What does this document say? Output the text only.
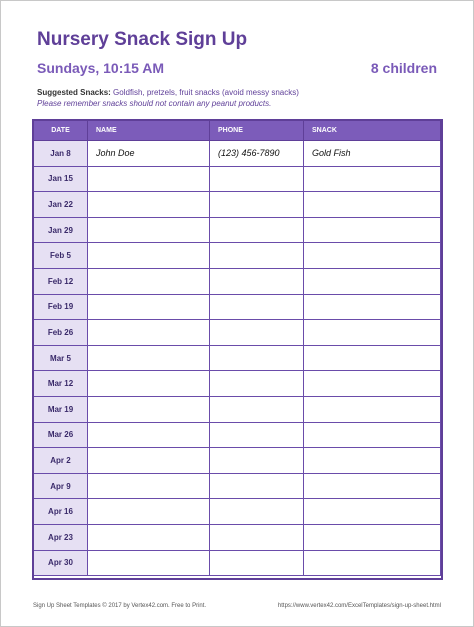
Nursery Snack Sign Up
Sundays, 10:15 AM	8 children
Suggested Snacks: Goldfish, pretzels, fruit snacks (avoid messy snacks)
Please remember snacks should not contain any peanut products.
DATE	NAME	PHONE	SNACK
Jan 8	John Doe	(123) 456-7890	Gold Fish
Jan 15			
Jan 22			
Jan 29			
Feb 5			
Feb 12			
Feb 19			
Feb 26			
Mar 5			
Mar 12			
Mar 19			
Mar 26			
Apr 2			
Apr 9			
Apr 16			
Apr 23			
Apr 30			
Sign Up Sheet Templates © 2017 by Vertex42.com. Free to Print.	https://www.vertex42.com/ExcelTemplates/sign-up-sheet.html
